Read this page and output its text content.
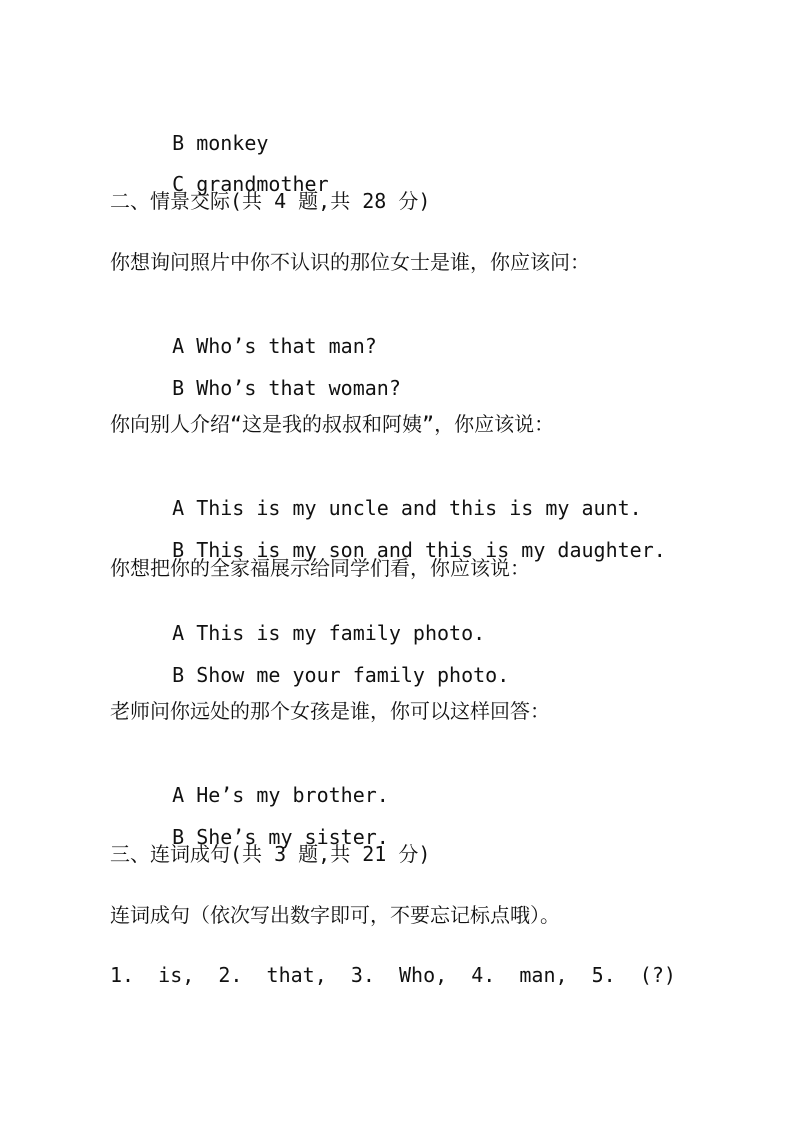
B monkey

C grandmother

二、情景交际(共 4 题,共 28 分)
你想询问照片中你不认识的那位女士是谁，你应该问：

A Who’s that man?

B Who’s that woman?

你向别人介绍“这是我的叔叔和阿姨”，你应该说：

A This is my uncle and this is my aunt.

B This is my son and this is my daughter.

你想把你的全家福展示给同学们看，你应该说：

A This is my family photo.

B Show me your family photo.

老师问你远处的那个女孩是谁，你可以这样回答：

A He’s my brother.

B She’s my sister.

三、连词成句(共 3 题,共 21 分)
连词成句（依次写出数字即可，不要忘记标点哦）。
1.  is,  2.  that,  3.  Who,  4.  man,  5.  (?)
